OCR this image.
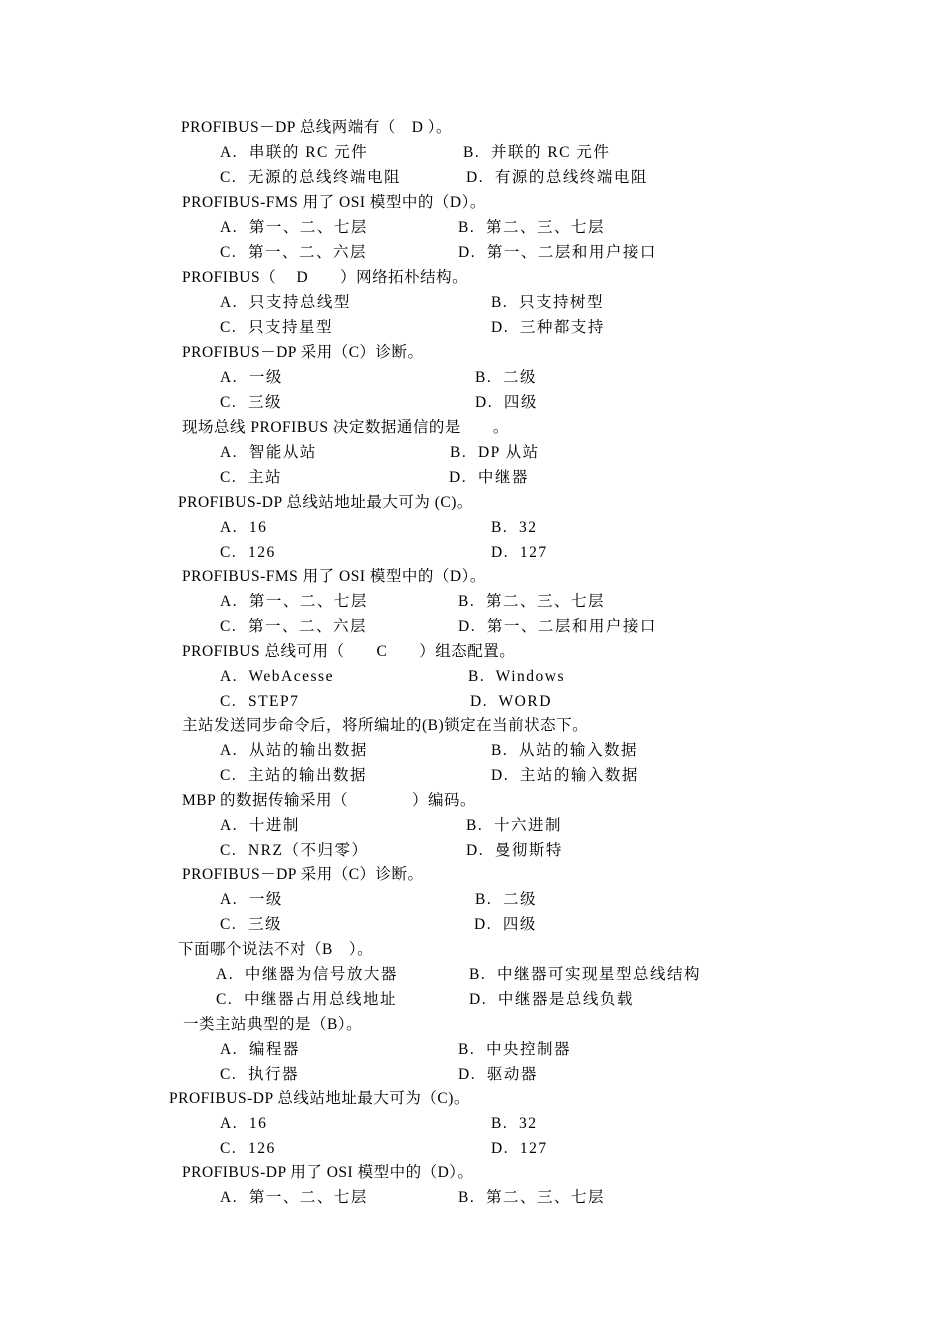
PROFIBUS－DP 总线两端有（　D ）。
A.  串联的 RC 元件	B.  并联的 RC 元件
C.  无源的总线终端电阻	D.  有源的总线终端电阻
PROFIBUS-FMS 用了 OSI 模型中的（D）。
A.  第一、二、七层	B.  第二、三、七层
C.  第一、二、六层	D.  第一、二层和用户接口
PROFIBUS（　 D　　）网络拓朴结构。
A.  只支持总线型	B.  只支持树型
C.  只支持星型	D.  三种都支持
PROFIBUS－DP 采用（C）诊断。
A.  一级	B.  二级
C.  三级	D.  四级
现场总线 PROFIBUS 决定数据通信的是　　。
A.  智能从站	B.  DP 从站
C.  主站	D.  中继器
PROFIBUS-DP 总线站地址最大可为 (C)。
A.  16	B.  32
C.  126	D.  127
PROFIBUS-FMS 用了 OSI 模型中的（D）。
A.  第一、二、七层	B.  第二、三、七层
C.  第一、二、六层	D.  第一、二层和用户接口
PROFIBUS 总线可用（　　C　　）组态配置。
A.  WebAcesse	B.  Windows
C.  STEP7	D.  WORD
主站发送同步命令后，将所编址的(B)锁定在当前状态下。
A.  从站的输出数据	B.  从站的输入数据
C.  主站的输出数据	D.  主站的输入数据
MBP 的数据传输采用（　　　　）编码。
A.  十进制	B.  十六进制
C.  NRZ（不归零）	D.  曼彻斯特
PROFIBUS－DP 采用（C）诊断。
A.  一级	B.  二级
C.  三级	D.  四级
下面哪个说法不对（B　）。
A.  中继器为信号放大器	B.  中继器可实现星型总线结构
C.  中继器占用总线地址	D.  中继器是总线负载
一类主站典型的是（B）。
A.  编程器	B.  中央控制器
C.  执行器	D.  驱动器
PROFIBUS-DP 总线站地址最大可为（C)。
A.  16	B.  32
C.  126	D.  127
PROFIBUS-DP 用了 OSI 模型中的（D）。
A.  第一、二、七层	B.  第二、三、七层
